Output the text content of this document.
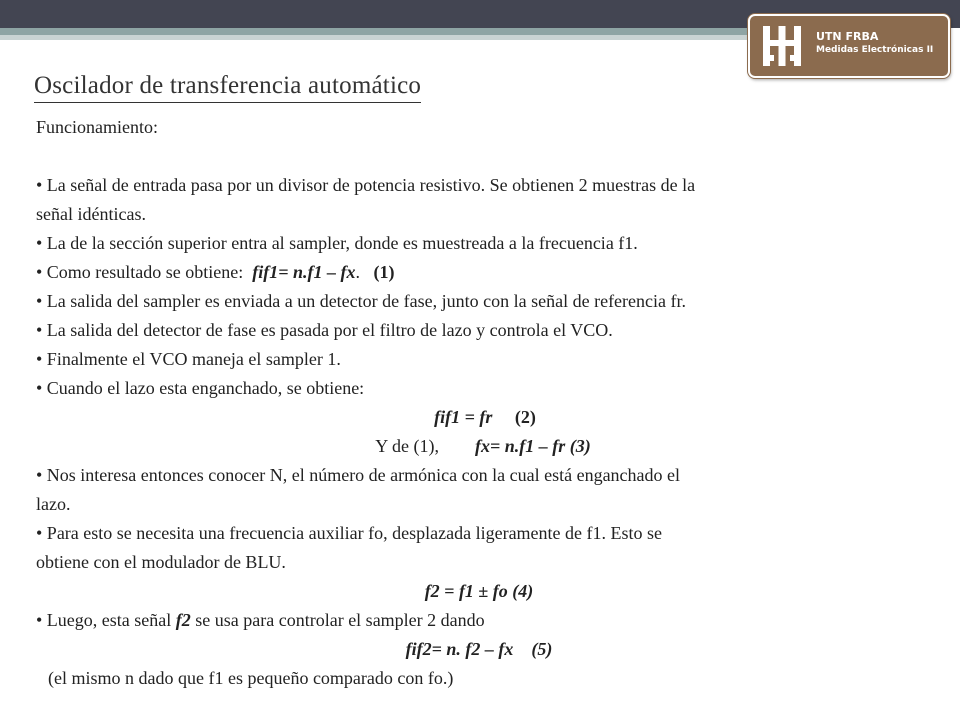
UTN FRBA
Medidas Electrónicas II
Oscilador de transferencia automático
Funcionamiento:

• La señal de entrada pasa por un divisor de potencia resistivo. Se obtienen 2 muestras de la
señal idénticas.
• La de la sección superior entra al sampler, donde es muestreada a la frecuencia f1.
• Como resultado se obtiene: fif1= n.f1 – fx. (1)
• La salida del sampler es enviada a un detector de fase, junto con la señal de referencia fr.
• La salida del detector de fase es pasada por el filtro de lazo y controla el VCO.
• Finalmente el VCO maneja el sampler 1.
• Cuando el lazo esta enganchado, se obtiene:
fif1 = fr (2)
Y de (1), fx= n.f1 – fr (3)
• Nos interesa entonces conocer N, el número de armónica con la cual está enganchado el
lazo.
• Para esto se necesita una frecuencia auxiliar fo, desplazada ligeramente de f1. Esto se
obtiene con el modulador de BLU.
f2 = f1 ± fo (4)
• Luego, esta señal f2 se usa para controlar el sampler 2 dando
fif2= n. f2 – fx (5)
(el mismo n dado que f1 es pequeño comparado con fo.)
